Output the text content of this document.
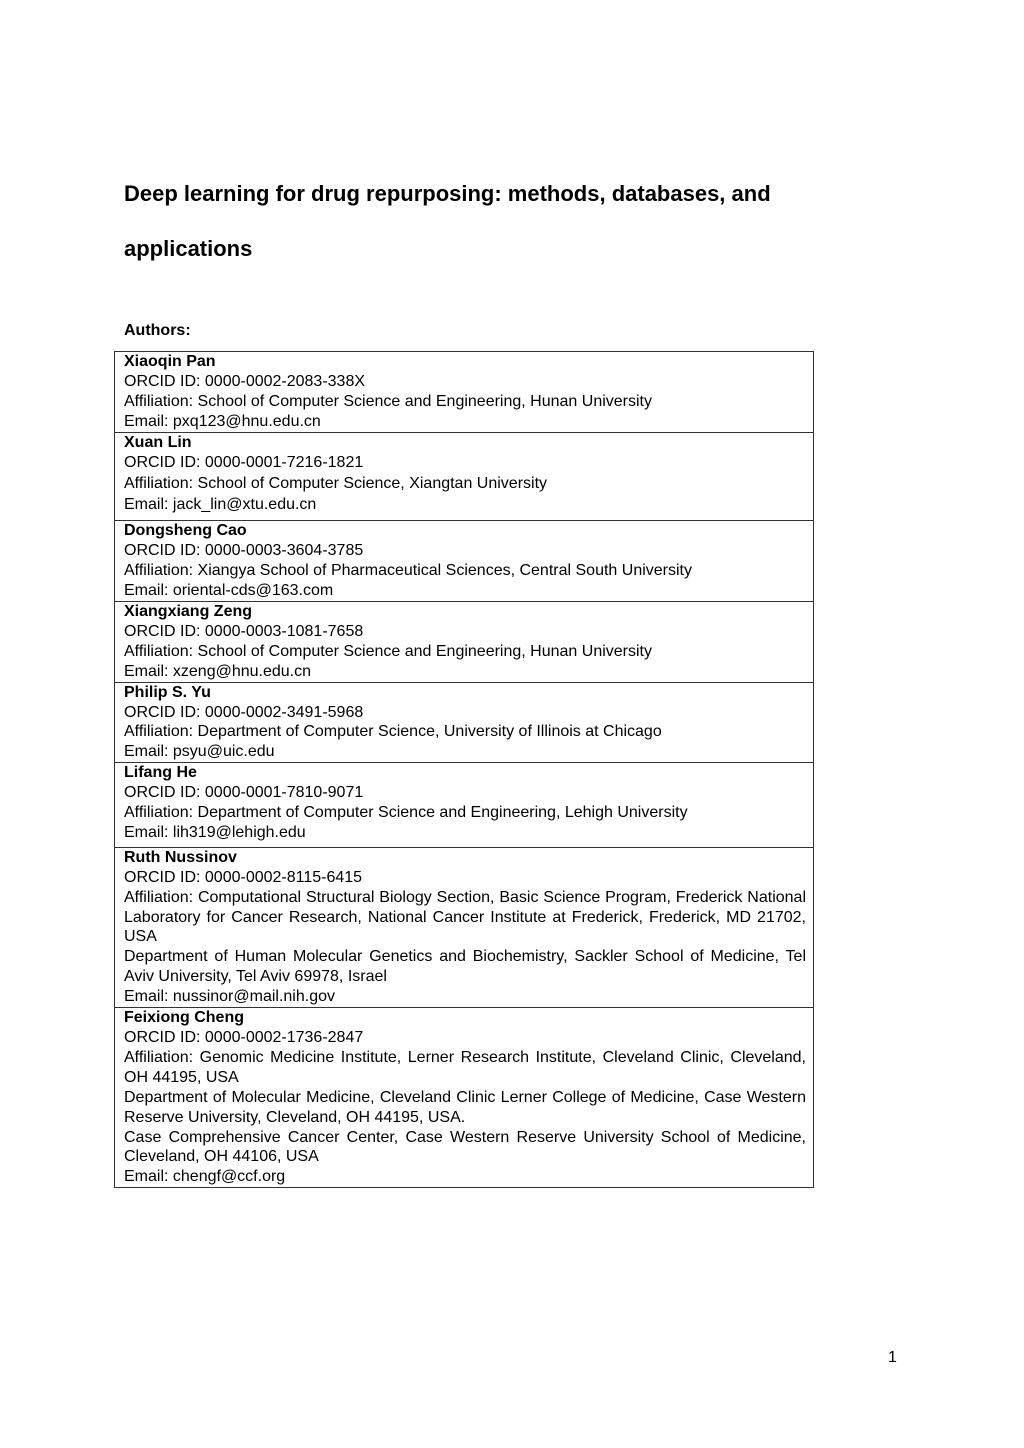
Deep learning for drug repurposing: methods, databases, and applications
Authors:
Xiaoqin Pan
ORCID ID: 0000-0002-2083-338X
Affiliation: School of Computer Science and Engineering, Hunan University
Email: pxq123@hnu.edu.cn

Xuan Lin
ORCID ID: 0000-0001-7216-1821
Affiliation: School of Computer Science, Xiangtan University
Email: jack_lin@xtu.edu.cn

Dongsheng Cao
ORCID ID: 0000-0003-3604-3785
Affiliation: Xiangya School of Pharmaceutical Sciences, Central South University
Email: oriental-cds@163.com

Xiangxiang Zeng
ORCID ID: 0000-0003-1081-7658
Affiliation: School of Computer Science and Engineering, Hunan University
Email: xzeng@hnu.edu.cn

Philip S. Yu
ORCID ID: 0000-0002-3491-5968
Affiliation: Department of Computer Science, University of Illinois at Chicago
Email: psyu@uic.edu

Lifang He
ORCID ID: 0000-0001-7810-9071
Affiliation: Department of Computer Science and Engineering, Lehigh University
Email: lih319@lehigh.edu

Ruth Nussinov
ORCID ID: 0000-0002-8115-6415
Affiliation: Computational Structural Biology Section, Basic Science Program, Frederick National Laboratory for Cancer Research, National Cancer Institute at Frederick, Frederick, MD 21702, USA
Department of Human Molecular Genetics and Biochemistry, Sackler School of Medicine, Tel Aviv University, Tel Aviv 69978, Israel
Email: nussinor@mail.nih.gov

Feixiong Cheng
ORCID ID: 0000-0002-1736-2847
Affiliation: Genomic Medicine Institute, Lerner Research Institute, Cleveland Clinic, Cleveland, OH 44195, USA
Department of Molecular Medicine, Cleveland Clinic Lerner College of Medicine, Case Western Reserve University, Cleveland, OH 44195, USA.
Case Comprehensive Cancer Center, Case Western Reserve University School of Medicine, Cleveland, OH 44106, USA
Email: chengf@ccf.org
1
